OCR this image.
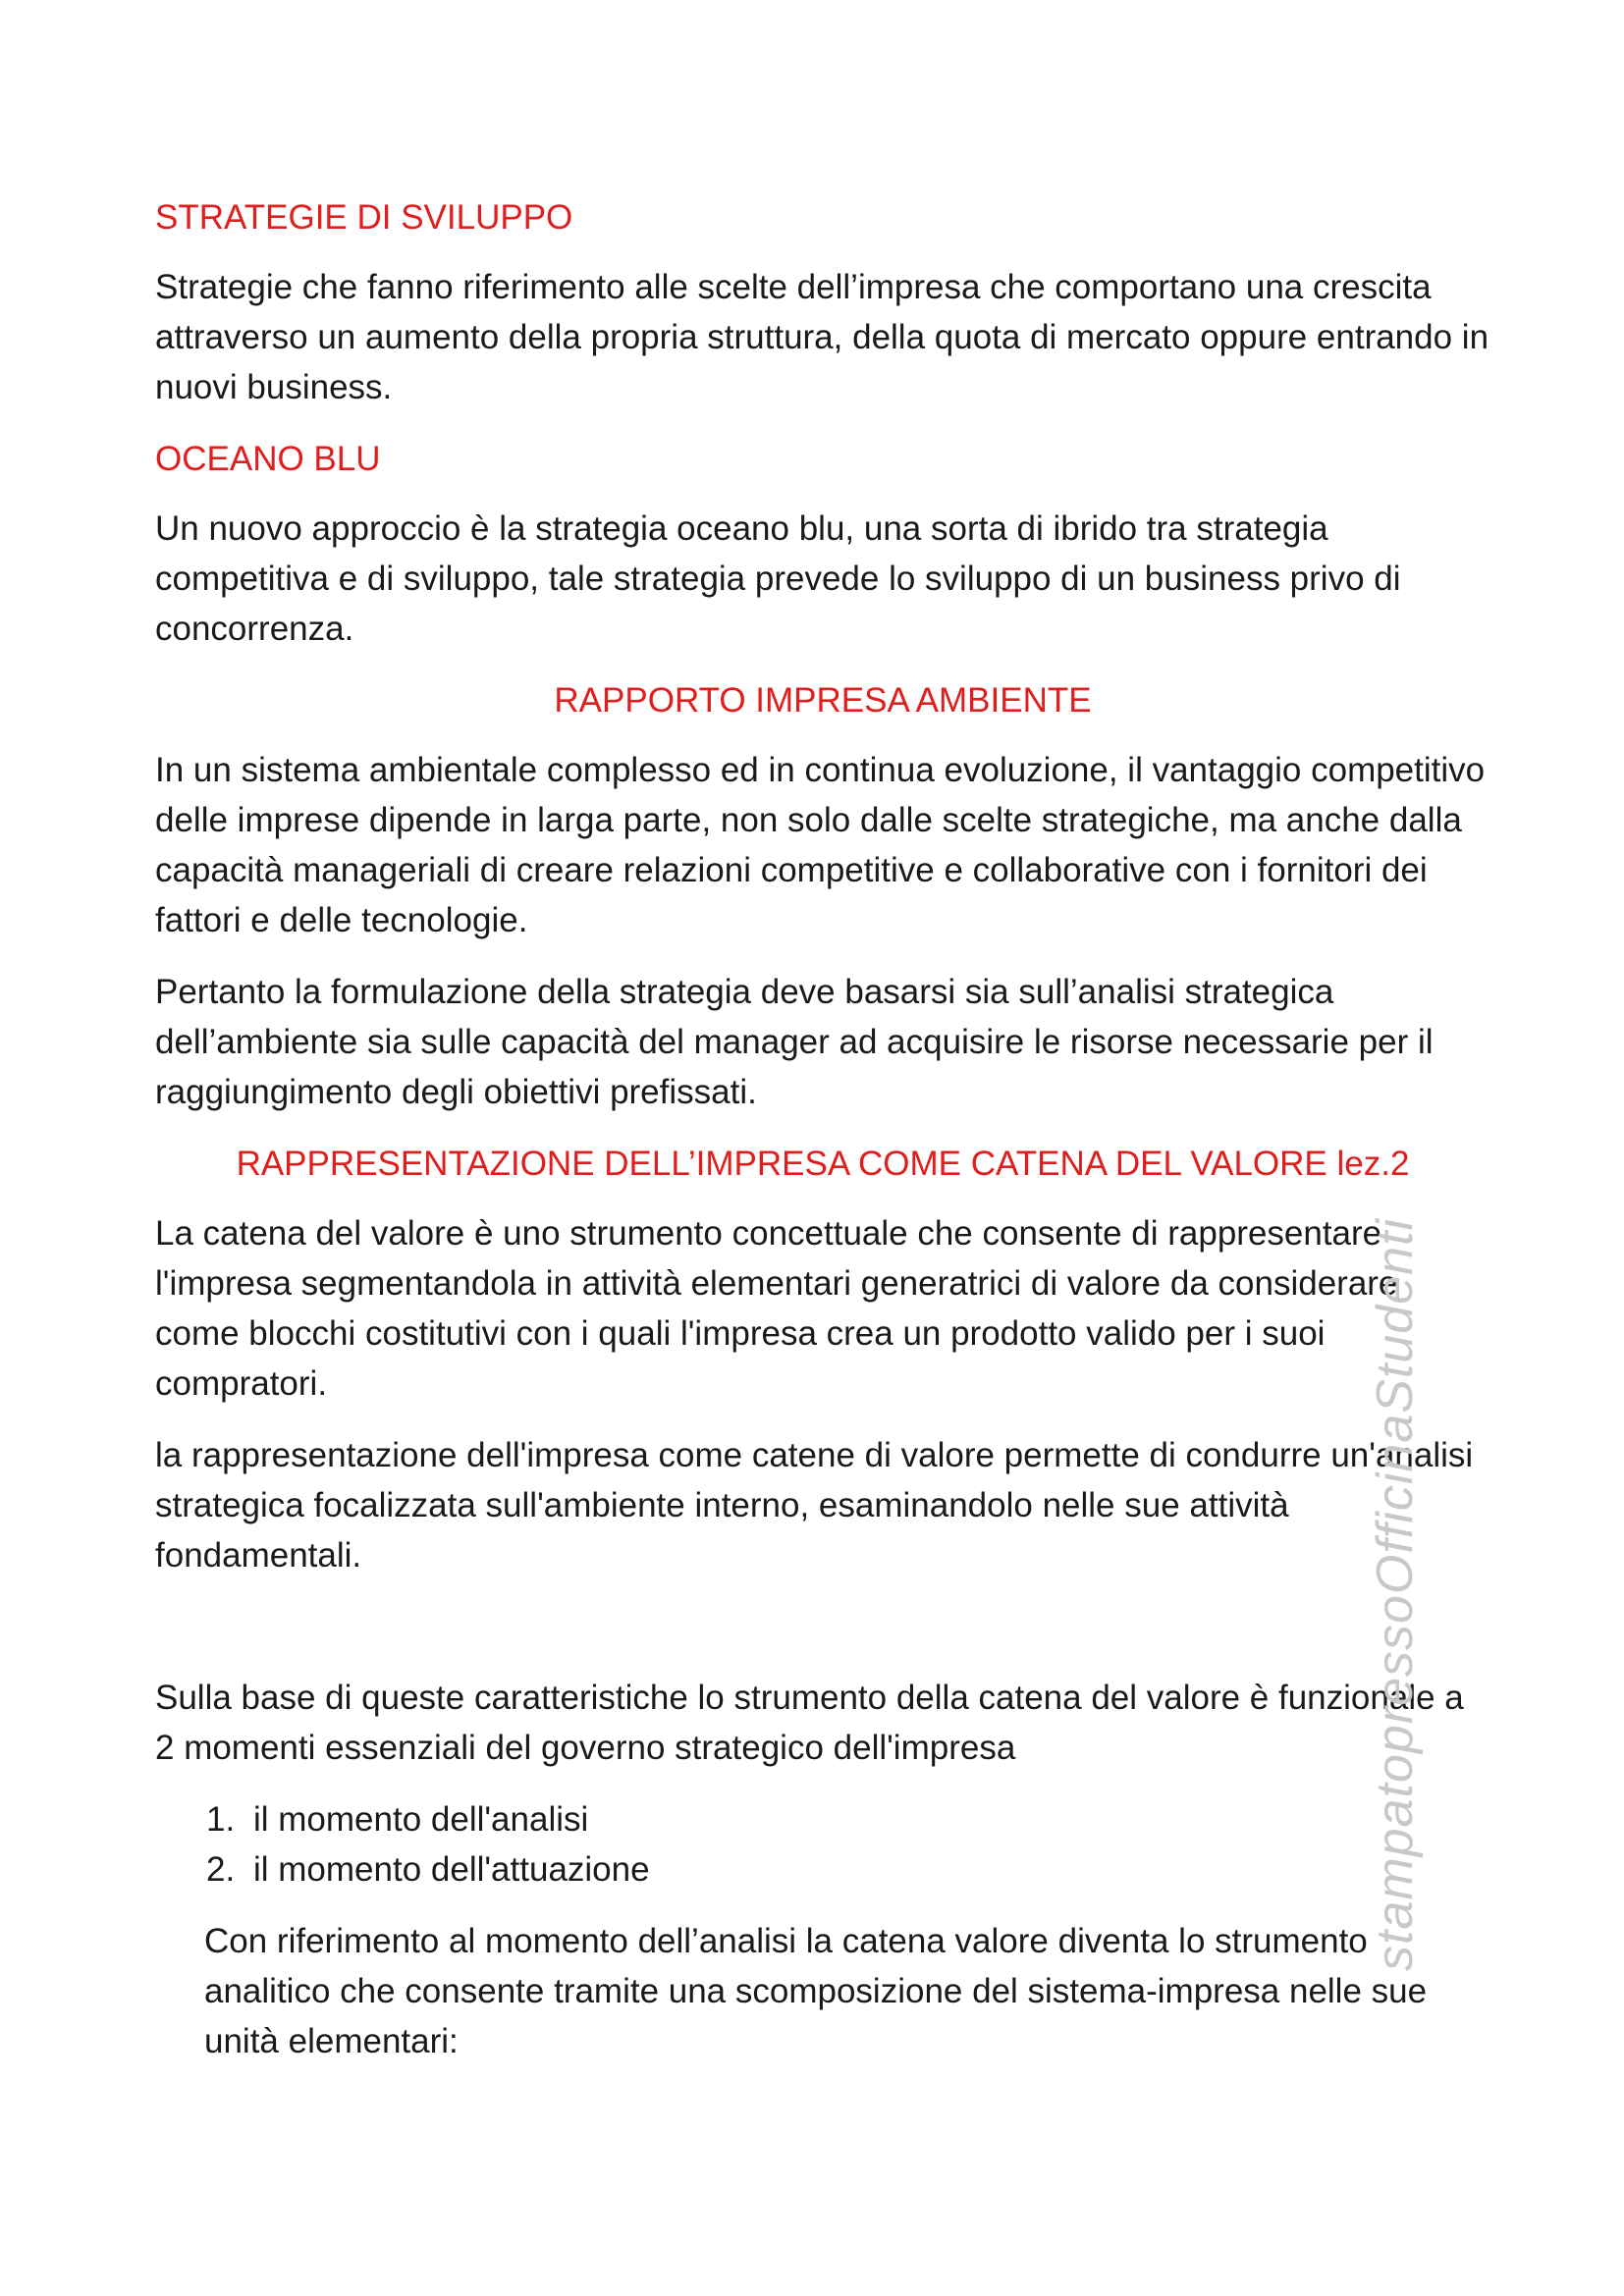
STRATEGIE DI SVILUPPO

Strategie che fanno riferimento alle scelte dell’impresa che comportano una crescita attraverso un aumento della propria struttura, della quota di mercato oppure entrando in nuovi business.

OCEANO BLU

Un nuovo approccio è la strategia oceano blu, una sorta di ibrido tra strategia competitiva e di sviluppo, tale strategia prevede lo sviluppo di un business privo di concorrenza.

RAPPORTO IMPRESA AMBIENTE

In un sistema ambientale complesso ed in continua evoluzione, il vantaggio competitivo delle imprese dipende in larga parte, non solo dalle scelte strategiche, ma anche dalla capacità manageriali di creare relazioni competitive e collaborative con i fornitori dei fattori e delle tecnologie.

Pertanto la formulazione della strategia deve basarsi sia sull’analisi strategica dell’ambiente sia sulle capacità del manager ad acquisire le risorse necessarie per il raggiungimento degli obiettivi prefissati.

RAPPRESENTAZIONE DELL’IMPRESA COME CATENA DEL VALORE lez.2

La catena del valore è uno strumento concettuale che consente di rappresentare l'impresa segmentandola in attività elementari generatrici di valore da considerare come blocchi costitutivi con i quali l'impresa crea un prodotto valido per i suoi compratori.

la rappresentazione dell'impresa come catene di valore permette di condurre un'analisi strategica focalizzata sull'ambiente interno, esaminandolo nelle sue attività fondamentali.

Sulla base di queste caratteristiche lo strumento della catena del valore è funzionale a 2 momenti essenziali del governo strategico dell'impresa

1. il momento dell'analisi
2. il momento dell'attuazione

Con riferimento al momento dell’analisi la catena valore diventa lo strumento analitico che consente tramite una scomposizione del sistema-impresa nelle sue unità elementari:

stampatopressoOfficinaStudenti
